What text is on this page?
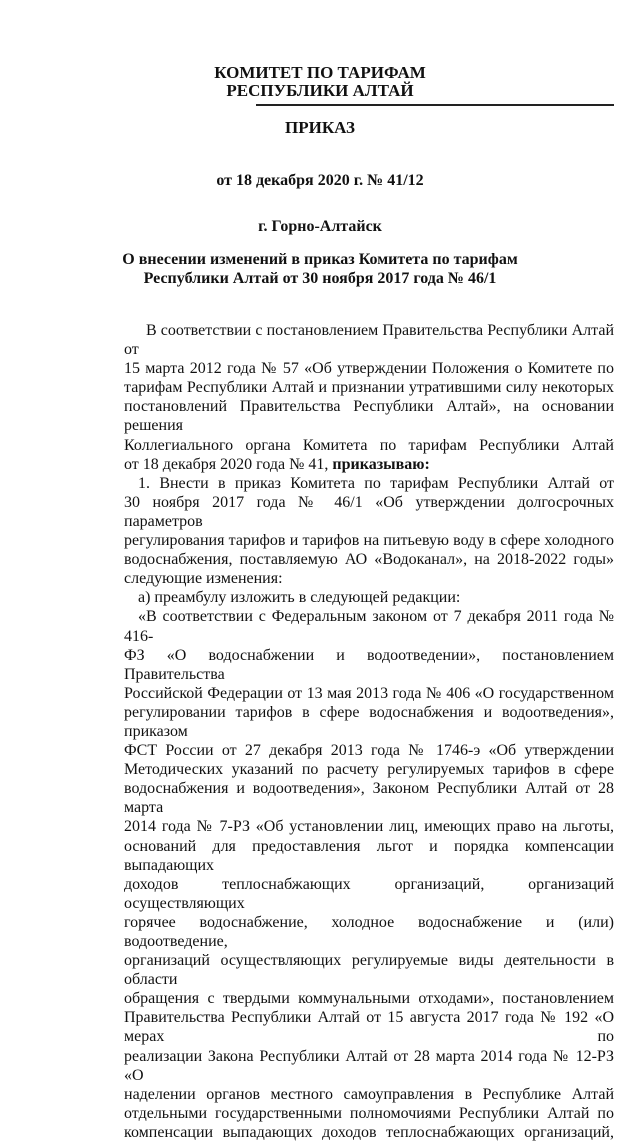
КОМИТЕТ ПО ТАРИФАМ
РЕСПУБЛИКИ АЛТАЙ
ПРИКАЗ
от 18 декабря 2020 г. № 41/12
г. Горно-Алтайск
О внесении изменений в приказ Комитета по тарифам
Республики Алтай от 30 ноября 2017 года № 46/1

В соответствии с постановлением Правительства Республики Алтай от

15 марта 2012 года № 57 «Об утверждении Положения о Комитете по

тарифам Республики Алтай и признании утратившими силу некоторых

постановлений Правительства Республики Алтай», на основании решения

Коллегиального органа Комитета по тарифам Республики Алтай

от 18 декабря 2020 года № 41, приказываю:

1. Внести в приказ Комитета по тарифам Республики Алтай от

30 ноября 2017 года № 46/1 «Об утверждении долгосрочных параметров

регулирования тарифов и тарифов на питьевую воду в сфере холодного

водоснабжения, поставляемую АО «Водоканал», на 2018-2022 годы»

следующие изменения:

а) преамбулу изложить в следующей редакции:

«В соответствии с Федеральным законом от 7 декабря 2011 года № 416-

ФЗ «О водоснабжении и водоотведении», постановлением Правительства

Российской Федерации от 13 мая 2013 года № 406 «О государственном

регулировании тарифов в сфере водоснабжения и водоотведения», приказом

ФСТ России от 27 декабря 2013 года № 1746-э «Об утверждении

Методических указаний по расчету регулируемых тарифов в сфере

водоснабжения и водоотведения», Законом Республики Алтай от 28 марта

2014 года № 7-РЗ «Об установлении лиц, имеющих право на льготы,

оснований для предоставления льгот и порядка компенсации выпадающих

доходов теплоснабжающих организаций, организаций осуществляющих

горячее водоснабжение, холодное водоснабжение и (или) водоотведение,

организаций осуществляющих регулируемые виды деятельности в области

обращения с твердыми коммунальными отходами», постановлением

Правительства Республики Алтай от 15 августа 2017 года № 192 «О мерах по

реализации Закона Республики Алтай от 28 марта 2014 года № 12-РЗ «О

наделении органов местного самоуправления в Республике Алтай

отдельными государственными полномочиями Республики Алтай по

компенсации выпадающих доходов теплоснабжающих организаций,
